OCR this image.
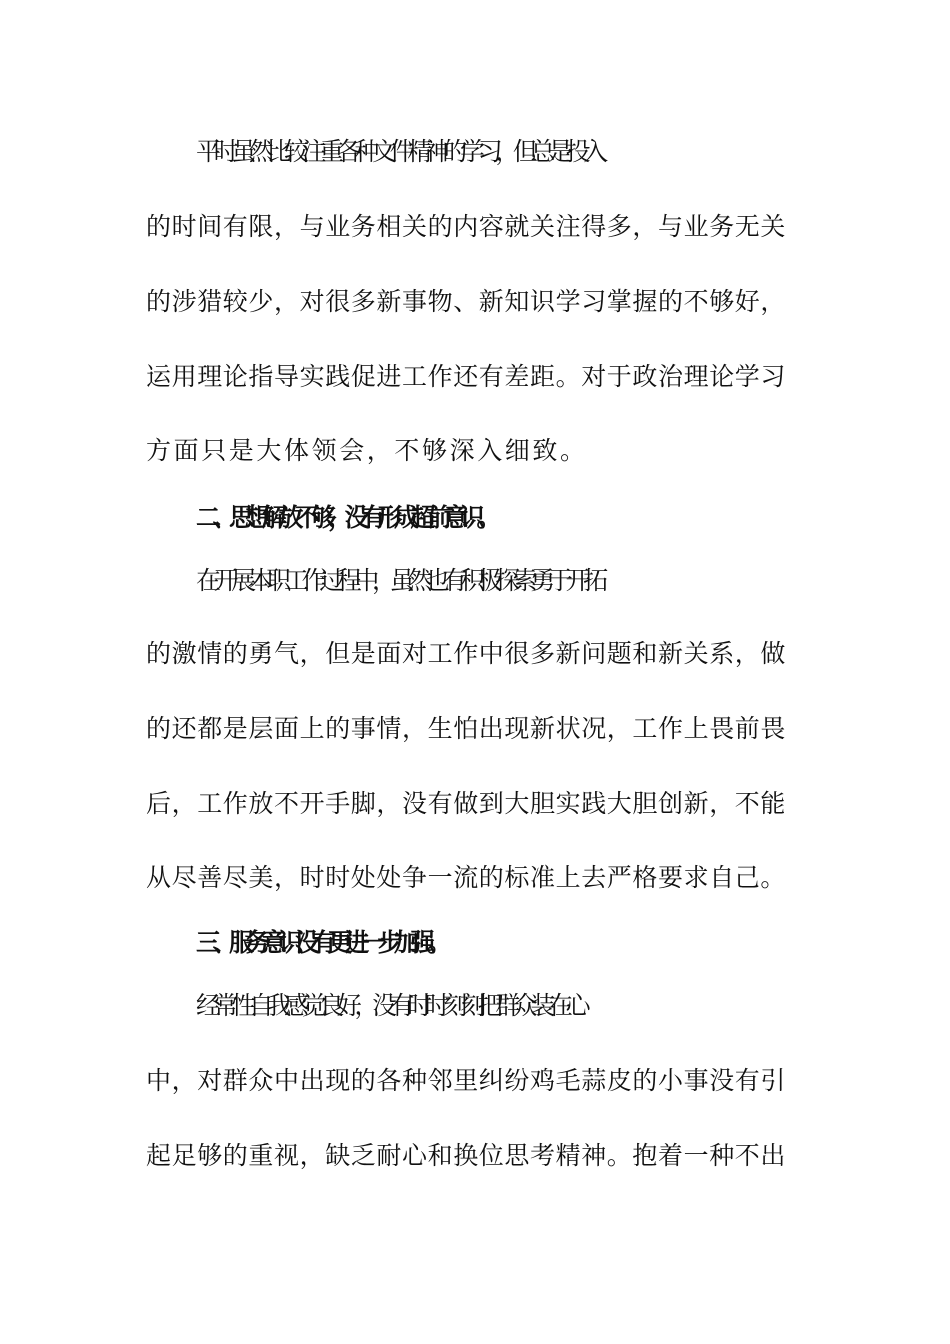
平时虽然比较注重各种文件精神的学习，但总是投入

的时间有限，与业务相关的内容就关注得多，与业务无关

的涉猎较少，对很多新事物、新知识学习掌握的不够好，

运用理论指导实践促进工作还有差距。对于政治理论学习

方面只是大体领会，不够深入细致。

二、思想解放不够，没有形成超前意识。

在开展本职工作过程中，虽然也有积极探索勇于开拓

的激情的勇气，但是面对工作中很多新问题和新关系，做

的还都是层面上的事情，生怕出现新状况，工作上畏前畏

后，工作放不开手脚，没有做到大胆实践大胆创新，不能

从尽善尽美，时时处处争一流的标准上去严格要求自己。

三、服务意识没有更进一步加强。

经常性自我感觉良好，没有时时刻刻把群众装在心

中，对群众中出现的各种邻里纠纷鸡毛蒜皮的小事没有引

起足够的重视，缺乏耐心和换位思考精神。抱着一种不出
